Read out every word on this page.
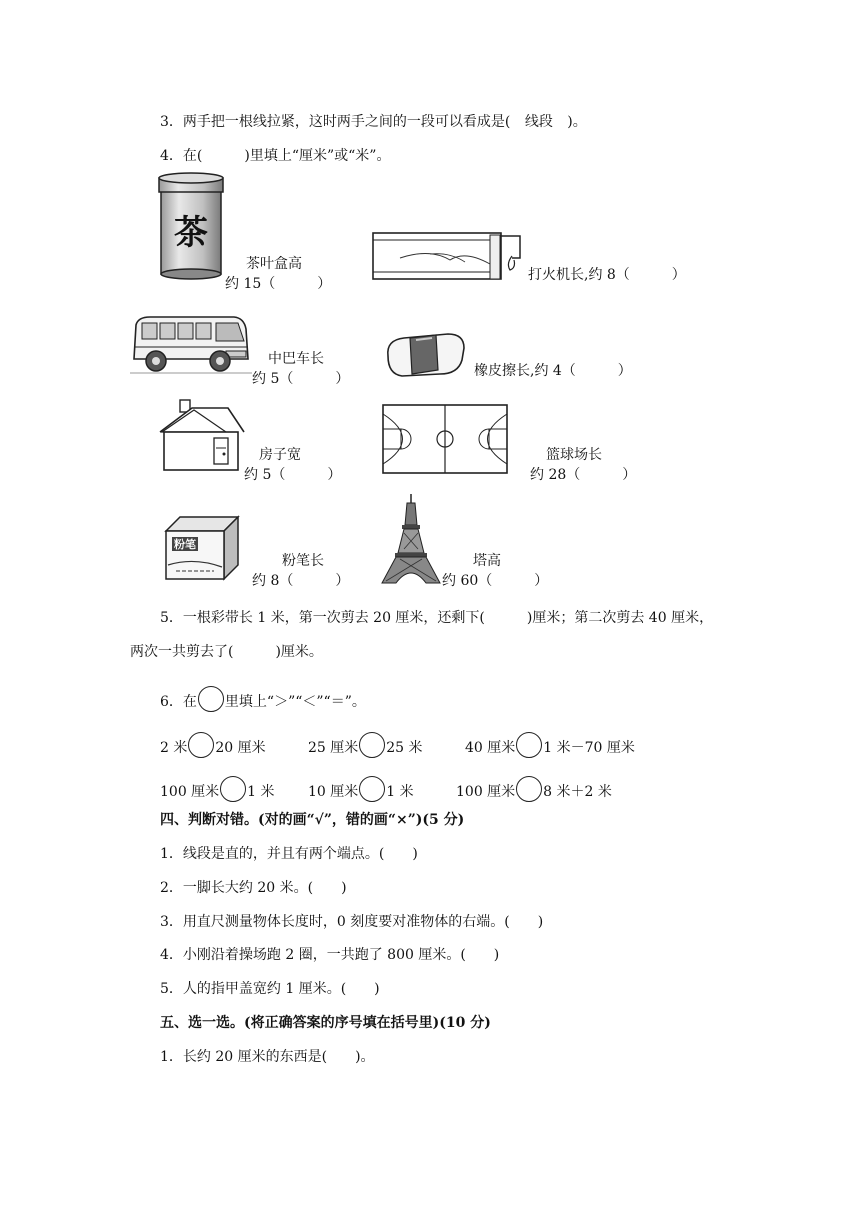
3．两手把一根线拉紧，这时两手之间的一段可以看成是( 线段 )。
4．在(　　　)里填上“厘米”或“米”。
茶
茶叶盒高
约 15（　　　）
打火机长,约 8（　　　）
中巴车长
约 5（　　　）	橡皮擦长,约 4（　　　）
房子宽
约 5（　　　）
篮球场长
约 28（　　　）
粉笔
粉笔长
约 8（　　　）
塔高
约 60（　　　）
5．一根彩带长 1 米，第一次剪去 20 厘米，还剩下(　　　)厘米；第二次剪去 40 厘米，
两次一共剪去了(　　　)厘米。
6．在 里填上“＞”“＜”“＝”。
2 米 20 厘米	25 厘米 25 米	40 厘米 1 米－70 厘米
100 厘米 1 米 10 厘米 1 米	100 厘米 8 米＋2 米
四、判断对错。(对的画“√”，错的画“×”)(5 分)
1．线段是直的，并且有两个端点。(　　)
2．一脚长大约 20 米。(　　)
3．用直尺测量物体长度时，0 刻度要对准物体的右端。(　　)
4．小刚沿着操场跑 2 圈，一共跑了 800 厘米。(　　)
5．人的指甲盖宽约 1 厘米。(　　)
五、选一选。(将正确答案的序号填在括号里)(10 分)
1．长约 20 厘米的东西是(　　)。
